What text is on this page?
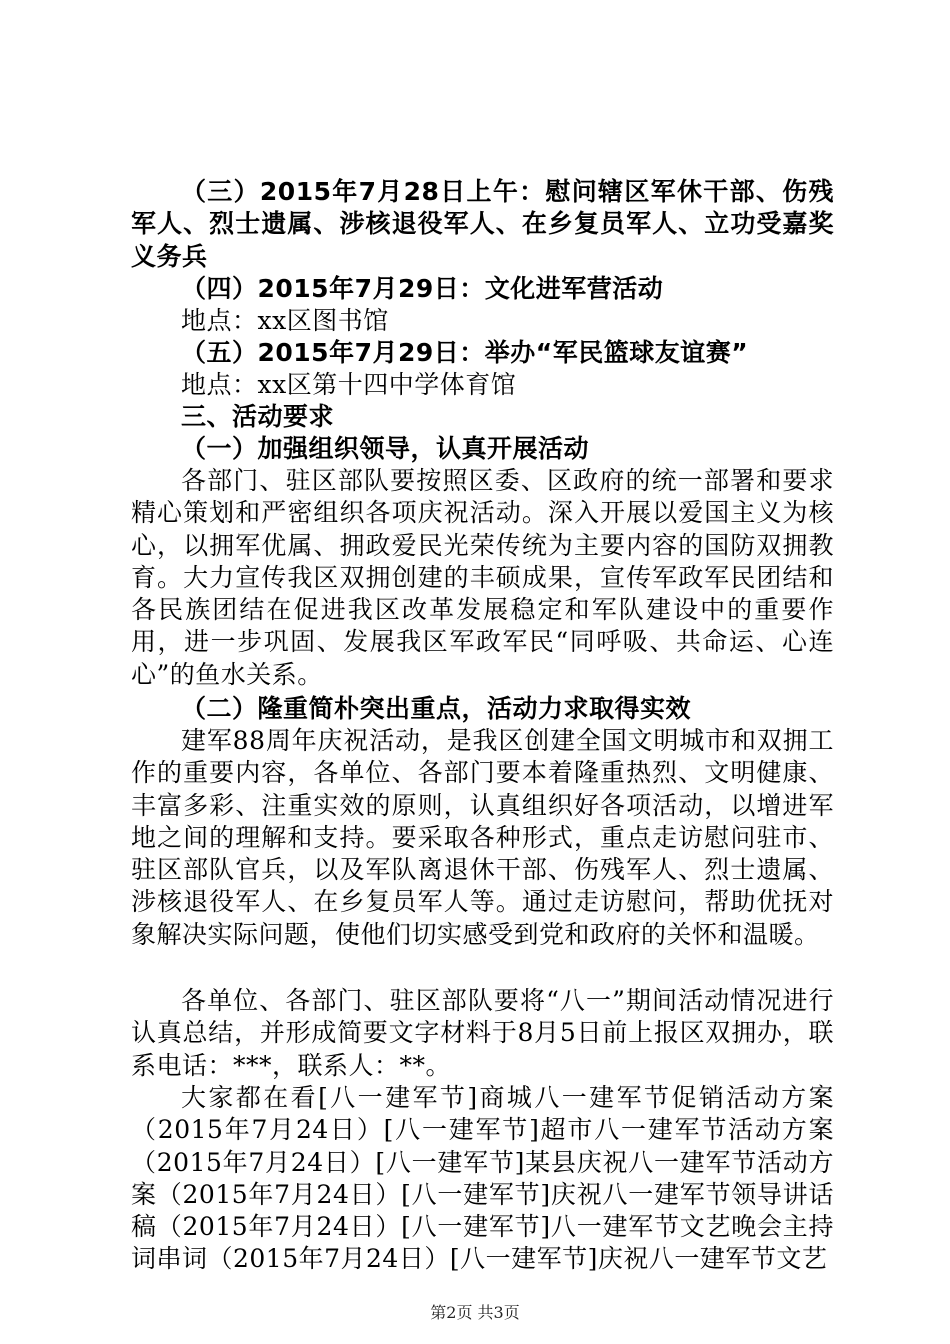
（三）2015年7月28日上午：慰问辖区军休干部、伤残军人、烈士遗属、涉核退役军人、在乡复员军人、立功受嘉奖义务兵

（四）2015年7月29日：文化进军营活动

地点：xx区图书馆

（五）2015年7月29日：举办“军民篮球友谊赛”

地点：xx区第十四中学体育馆

三、活动要求

（一）加强组织领导，认真开展活动

各部门、驻区部队要按照区委、区政府的统一部署和要求精心策划和严密组织各项庆祝活动。深入开展以爱国主义为核心，以拥军优属、拥政爱民光荣传统为主要内容的国防双拥教育。大力宣传我区双拥创建的丰硕成果，宣传军政军民团结和各民族团结在促进我区改革发展稳定和军队建设中的重要作用，进一步巩固、发展我区军政军民“同呼吸、共命运、心连心”的鱼水关系。

（二）隆重简朴突出重点，活动力求取得实效

建军88周年庆祝活动，是我区创建全国文明城市和双拥工作的重要内容，各单位、各部门要本着隆重热烈、文明健康、丰富多彩、注重实效的原则，认真组织好各项活动，以增进军地之间的理解和支持。要采取各种形式，重点走访慰问驻市、驻区部队官兵，以及军队离退休干部、伤残军人、烈士遗属、涉核退役军人、在乡复员军人等。通过走访慰问，帮助优抚对象解决实际问题，使他们切实感受到党和政府的关怀和温暖。

各单位、各部门、驻区部队要将“八一”期间活动情况进行认真总结，并形成简要文字材料于8月5日前上报区双拥办，联系电话：***，联系人：**。

大家都在看[八一建军节]商城八一建军节促销活动方案（2015年7月24日）[八一建军节]超市八一建军节活动方案（2015年7月24日）[八一建军节]某县庆祝八一建军节活动方案（2015年7月24日）[八一建军节]庆祝八一建军节领导讲话稿（2015年7月24日）[八一建军节]八一建军节文艺晚会主持词串词（2015年7月24日）[八一建军节]庆祝八一建军节文艺

第2页 共3页
